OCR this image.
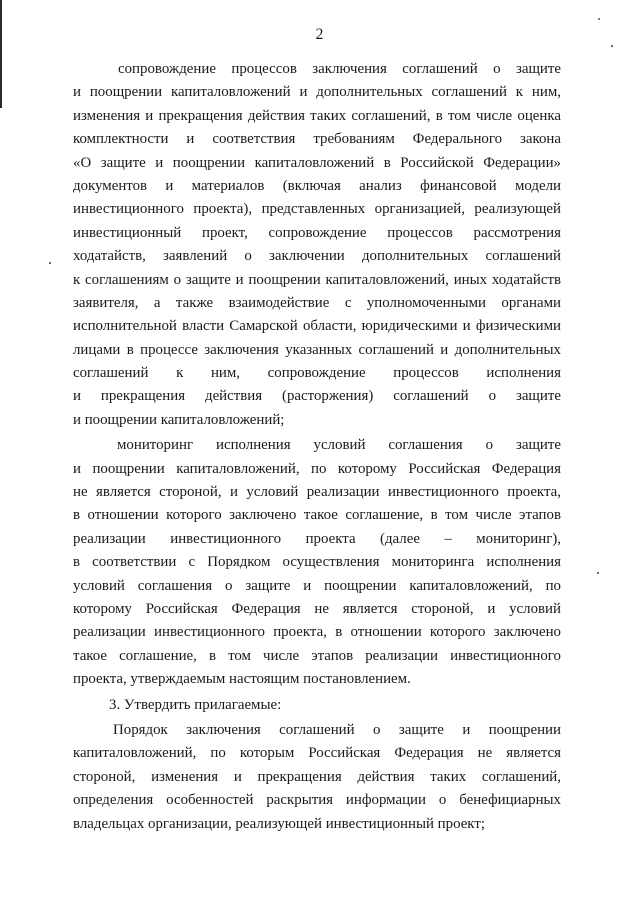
2
сопровождение процессов заключения соглашений о защите
и поощрении капиталовложений и дополнительных соглашений к ним,
изменения и прекращения действия таких соглашений, в том числе оценка
комплектности и соответствия требованиям Федерального закона
«О защите и поощрении капиталовложений в Российской Федерации»
документов и материалов (включая анализ финансовой модели
инвестиционного проекта), представленных организацией, реализующей
инвестиционный проект, сопровождение процессов рассмотрения
ходатайств, заявлений о заключении дополнительных соглашений
к соглашениям о защите и поощрении капиталовложений, иных ходатайств
заявителя, а также взаимодействие с уполномоченными органами
исполнительной власти Самарской области, юридическими и физическими
лицами в процессе заключения указанных соглашений и дополнительных
соглашений к ним, сопровождение процессов исполнения
и прекращения действия (расторжения) соглашений о защите
и поощрении капиталовложений;
мониторинг исполнения условий соглашения о защите
и поощрении капиталовложений, по которому Российская Федерация
не является стороной, и условий реализации инвестиционного проекта,
в отношении которого заключено такое соглашение, в том числе этапов
реализации инвестиционного проекта (далее – мониторинг),
в соответствии с Порядком осуществления мониторинга исполнения
условий соглашения о защите и поощрении капиталовложений, по
которому Российская Федерация не является стороной, и условий
реализации инвестиционного проекта, в отношении которого заключено
такое соглашение, в том числе этапов реализации инвестиционного
проекта, утверждаемым настоящим постановлением.
3. Утвердить прилагаемые:
Порядок заключения соглашений о защите и поощрении
капиталовложений, по которым Российская Федерация не является
стороной, изменения и прекращения действия таких соглашений,
определения особенностей раскрытия информации о бенефициарных
владельцах организации, реализующей инвестиционный проект;
